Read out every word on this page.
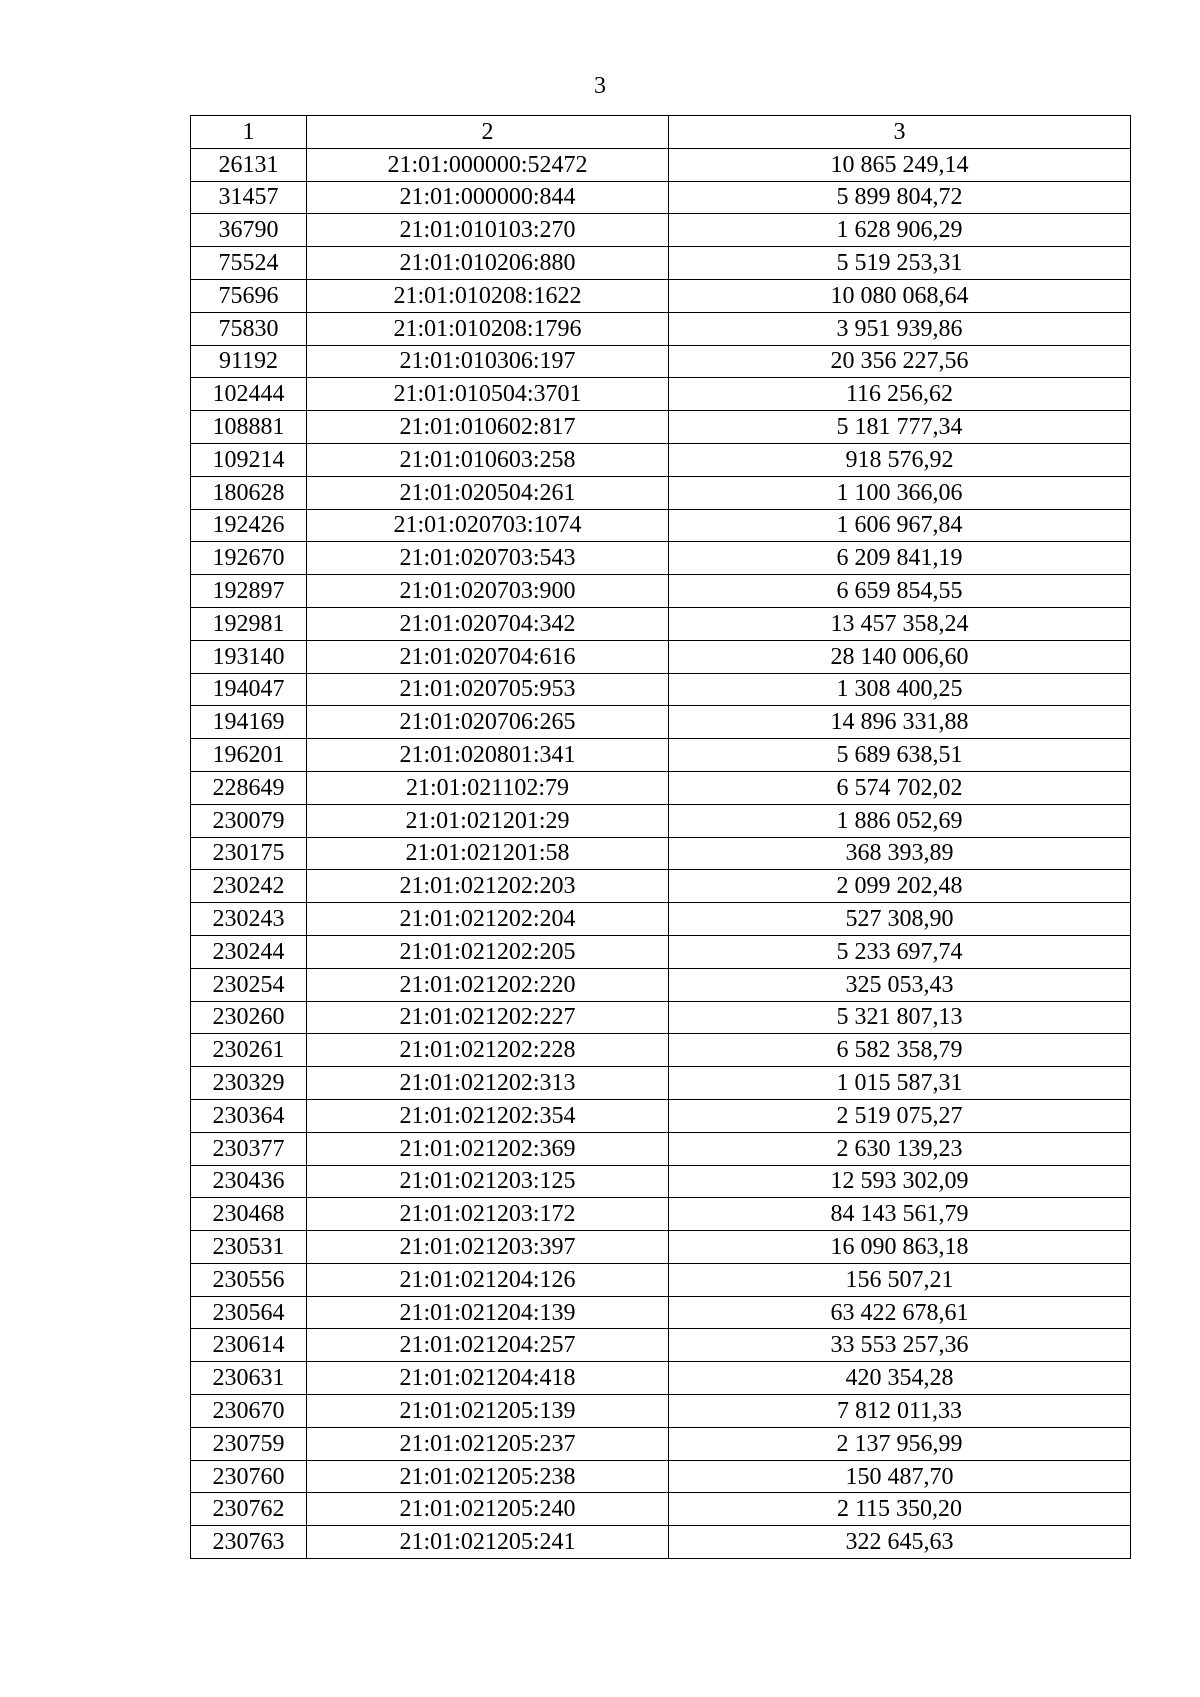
3
1	2	3
26131	21:01:000000:52472	10 865 249,14
31457	21:01:000000:844	5 899 804,72
36790	21:01:010103:270	1 628 906,29
75524	21:01:010206:880	5 519 253,31
75696	21:01:010208:1622	10 080 068,64
75830	21:01:010208:1796	3 951 939,86
91192	21:01:010306:197	20 356 227,56
102444	21:01:010504:3701	116 256,62
108881	21:01:010602:817	5 181 777,34
109214	21:01:010603:258	918 576,92
180628	21:01:020504:261	1 100 366,06
192426	21:01:020703:1074	1 606 967,84
192670	21:01:020703:543	6 209 841,19
192897	21:01:020703:900	6 659 854,55
192981	21:01:020704:342	13 457 358,24
193140	21:01:020704:616	28 140 006,60
194047	21:01:020705:953	1 308 400,25
194169	21:01:020706:265	14 896 331,88
196201	21:01:020801:341	5 689 638,51
228649	21:01:021102:79	6 574 702,02
230079	21:01:021201:29	1 886 052,69
230175	21:01:021201:58	368 393,89
230242	21:01:021202:203	2 099 202,48
230243	21:01:021202:204	527 308,90
230244	21:01:021202:205	5 233 697,74
230254	21:01:021202:220	325 053,43
230260	21:01:021202:227	5 321 807,13
230261	21:01:021202:228	6 582 358,79
230329	21:01:021202:313	1 015 587,31
230364	21:01:021202:354	2 519 075,27
230377	21:01:021202:369	2 630 139,23
230436	21:01:021203:125	12 593 302,09
230468	21:01:021203:172	84 143 561,79
230531	21:01:021203:397	16 090 863,18
230556	21:01:021204:126	156 507,21
230564	21:01:021204:139	63 422 678,61
230614	21:01:021204:257	33 553 257,36
230631	21:01:021204:418	420 354,28
230670	21:01:021205:139	7 812 011,33
230759	21:01:021205:237	2 137 956,99
230760	21:01:021205:238	150 487,70
230762	21:01:021205:240	2 115 350,20
230763	21:01:021205:241	322 645,63
